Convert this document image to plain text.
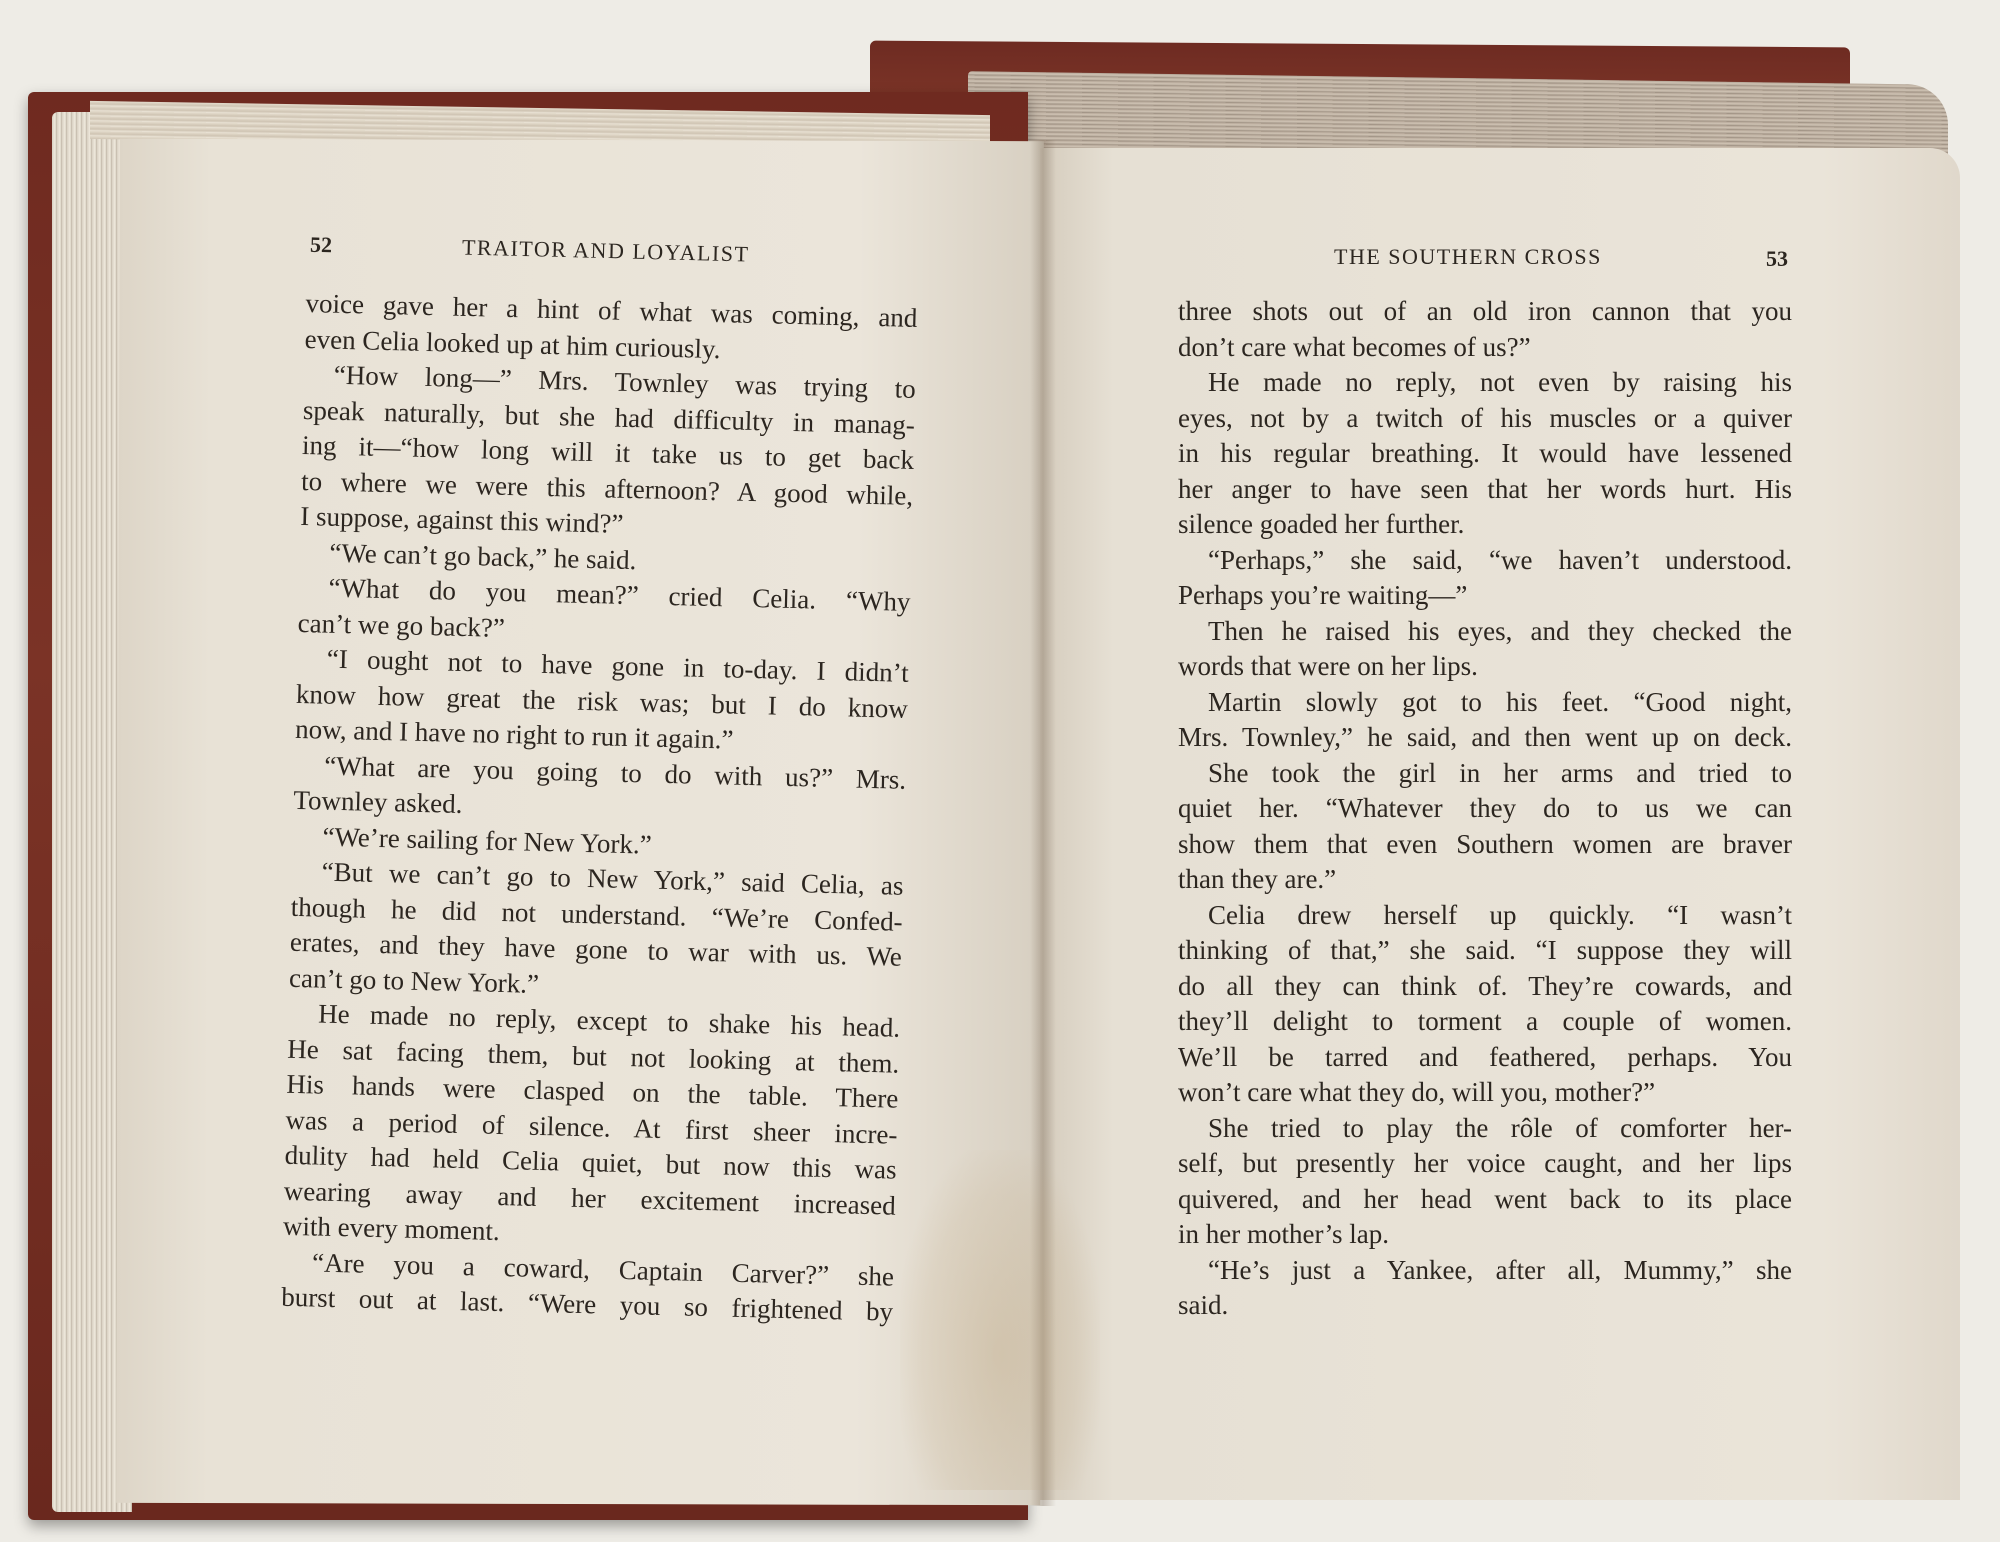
52	TRAITOR AND LOYALIST	THE SOUTHERN CROSS	53
voice gave her a hint of what was coming, and
even Celia looked up at him curiously.
“How long—” Mrs. Townley was trying to
speak naturally, but she had difficulty in manag-
ing it—“how long will it take us to get back
to where we were this afternoon? A good while,
I suppose, against this wind?”
“We can’t go back,” he said.
“What do you mean?” cried Celia. “Why
can’t we go back?”
“I ought not to have gone in to-day. I didn’t
know how great the risk was; but I do know
now, and I have no right to run it again.”
“What are you going to do with us?” Mrs.
Townley asked.
“We’re sailing for New York.”
“But we can’t go to New York,” said Celia, as
though he did not understand. “We’re Confed-
erates, and they have gone to war with us. We
can’t go to New York.”
He made no reply, except to shake his head.
He sat facing them, but not looking at them.
His hands were clasped on the table. There
was a period of silence. At first sheer incre-
dulity had held Celia quiet, but now this was
wearing away and her excitement increased
with every moment.
“Are you a coward, Captain Carver?” she
burst out at last. “Were you so frightened by
three shots out of an old iron cannon that you
don’t care what becomes of us?”
He made no reply, not even by raising his
eyes, not by a twitch of his muscles or a quiver
in his regular breathing. It would have lessened
her anger to have seen that her words hurt. His
silence goaded her further.
“Perhaps,” she said, “we haven’t understood.
Perhaps you’re waiting—”
Then he raised his eyes, and they checked the
words that were on her lips.
Martin slowly got to his feet. “Good night,
Mrs. Townley,” he said, and then went up on deck.
She took the girl in her arms and tried to
quiet her. “Whatever they do to us we can
show them that even Southern women are braver
than they are.”
Celia drew herself up quickly. “I wasn’t
thinking of that,” she said. “I suppose they will
do all they can think of. They’re cowards, and
they’ll delight to torment a couple of women.
We’ll be tarred and feathered, perhaps. You
won’t care what they do, will you, mother?”
She tried to play the rôle of comforter her-
self, but presently her voice caught, and her lips
quivered, and her head went back to its place
in her mother’s lap.
“He’s just a Yankee, after all, Mummy,” she
said.
